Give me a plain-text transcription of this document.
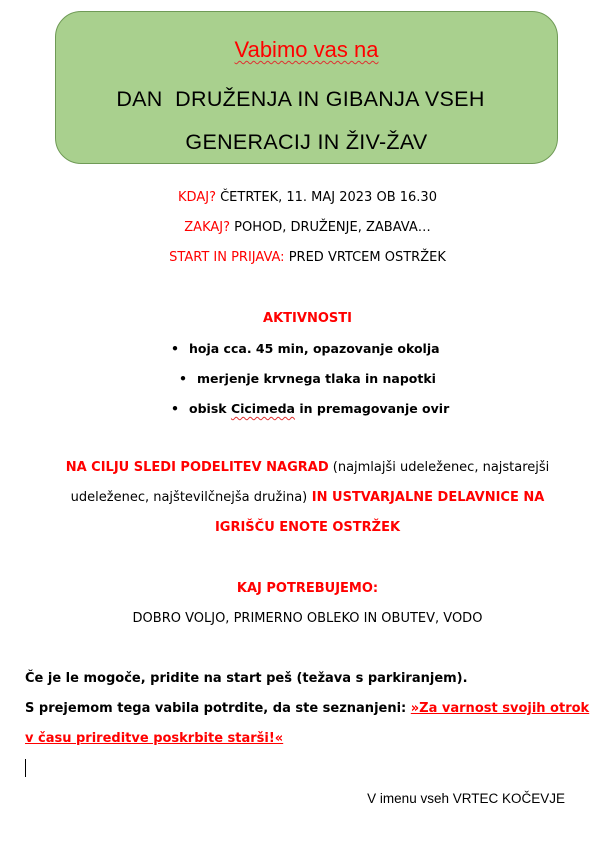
Vabimo vas na
DAN  DRUŽENJA IN GIBANJA VSEH
GENERACIJ IN ŽIV-ŽAV
KDAJ? ČETRTEK, 11. MAJ 2023 OB 16.30
ZAKAJ? POHOD, DRUŽENJE, ZABAVA…
START IN PRIJAVA: PRED VRTCEM OSTRŽEK
AKTIVNOSTI
• hoja cca. 45 min, opazovanje okolja
• merjenje krvnega tlaka in napotki
• obisk Cicimeda in premagovanje ovir
NA CILJU SLEDI PODELITEV NAGRAD (najmlajši udeleženec, najstarejši
udeleženec, najštevilčnejša družina) IN USTVARJALNE DELAVNICE NA
IGRIŠČU ENOTE OSTRŽEK
KAJ POTREBUJEMO:
DOBRO VOLJO, PRIMERNO OBLEKO IN OBUTEV, VODO
Če je le mogoče, pridite na start peš (težava s parkiranjem).
S prejemom tega vabila potrdite, da ste seznanjeni: »Za varnost svojih otrok
v času prireditve poskrbite starši!«
V imenu vseh VRTEC KOČEVJE
